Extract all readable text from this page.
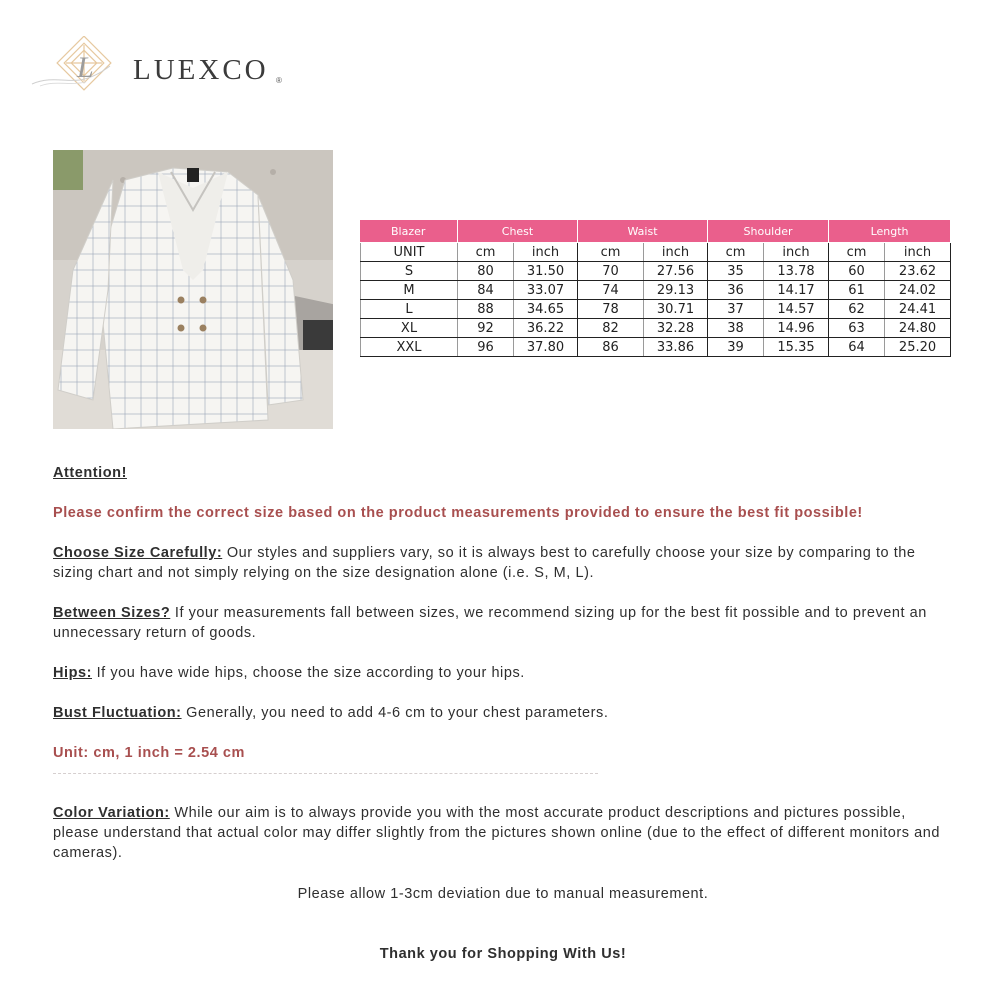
L LUEXCO ®
Blazer	Chest		Waist		Shoulder		Length	
UNIT	cm	inch	cm	inch	cm	inch	cm	inch
S	80	31.50	70	27.56	35	13.78	60	23.62
M	84	33.07	74	29.13	36	14.17	61	24.02
L	88	34.65	78	30.71	37	14.57	62	24.41
XL	92	36.22	82	32.28	38	14.96	63	24.80
XXL	96	37.80	86	33.86	39	15.35	64	25.20
Attention!
Please confirm the correct size based on the product measurements provided to ensure the best fit possible!
Choose Size Carefully: Our styles and suppliers vary, so it is always best to carefully choose your size by comparing to the sizing chart and not simply relying on the size designation alone (i.e. S, M, L).
Between Sizes? If your measurements fall between sizes, we recommend sizing up for the best fit possible and to prevent an unnecessary return of goods.
Hips: If you have wide hips, choose the size according to your hips.
Bust Fluctuation: Generally, you need to add 4-6 cm to your chest parameters.
Unit: cm, 1 inch = 2.54 cm
Color Variation: While our aim is to always provide you with the most accurate product descriptions and pictures possible, please understand that actual color may differ slightly from the pictures shown online (due to the effect of different monitors and cameras).
Please allow 1-3cm deviation due to manual measurement.
Thank you for Shopping With Us!
